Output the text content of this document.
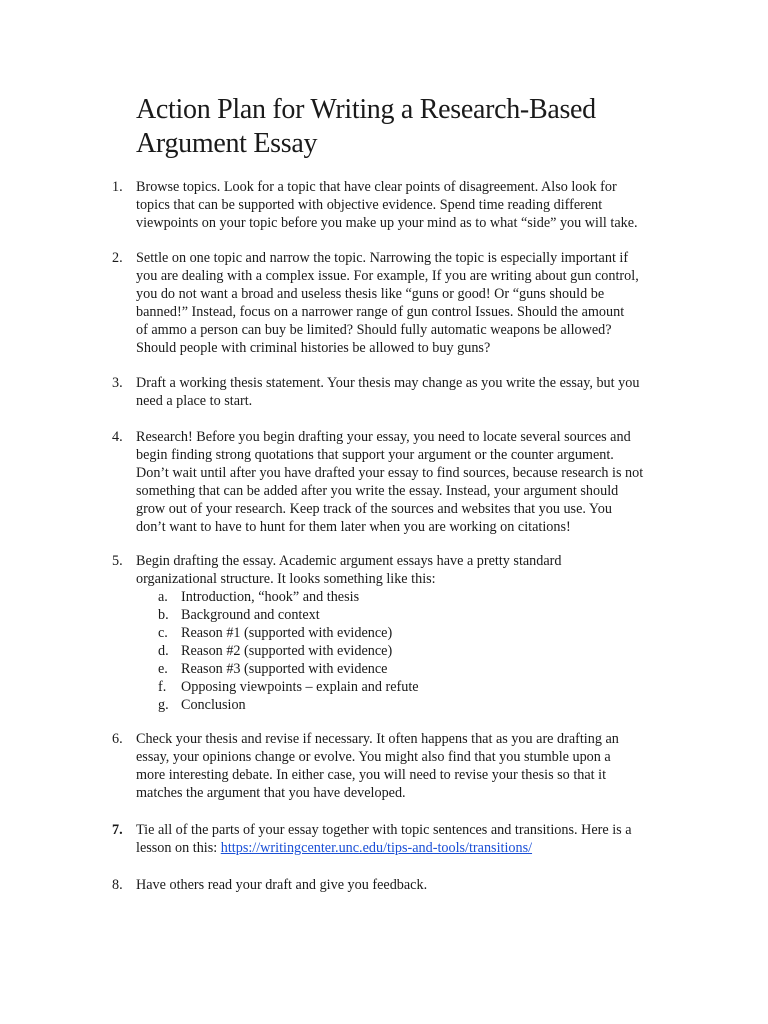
Action Plan for Writing a Research-Based
Argument Essay
1. Browse topics. Look for a topic that have clear points of disagreement. Also look for
topics that can be supported with objective evidence. Spend time reading different
viewpoints on your topic before you make up your mind as to what “side” you will take.
2. Settle on one topic and narrow the topic. Narrowing the topic is especially important if
you are dealing with a complex issue. For example, If you are writing about gun control,
you do not want a broad and useless thesis like “guns or good! Or “guns should be
banned!” Instead, focus on a narrower range of gun control Issues. Should the amount
of ammo a person can buy be limited? Should fully automatic weapons be allowed?
Should people with criminal histories be allowed to buy guns?
3. Draft a working thesis statement. Your thesis may change as you write the essay, but you
need a place to start.
4. Research! Before you begin drafting your essay, you need to locate several sources and
begin finding strong quotations that support your argument or the counter argument.
Don’t wait until after you have drafted your essay to find sources, because research is not
something that can be added after you write the essay. Instead, your argument should
grow out of your research. Keep track of the sources and websites that you use. You
don’t want to have to hunt for them later when you are working on citations!
5. Begin drafting the essay. Academic argument essays have a pretty standard
organizational structure. It looks something like this:
a. Introduction, “hook” and thesis
b. Background and context
c. Reason #1 (supported with evidence)
d. Reason #2 (supported with evidence)
e. Reason #3 (supported with evidence
f. Opposing viewpoints – explain and refute
g. Conclusion
6. Check your thesis and revise if necessary. It often happens that as you are drafting an
essay, your opinions change or evolve. You might also find that you stumble upon a
more interesting debate. In either case, you will need to revise your thesis so that it
matches the argument that you have developed.
7. Tie all of the parts of your essay together with topic sentences and transitions. Here is a
lesson on this: https://writingcenter.unc.edu/tips-and-tools/transitions/
8. Have others read your draft and give you feedback.
